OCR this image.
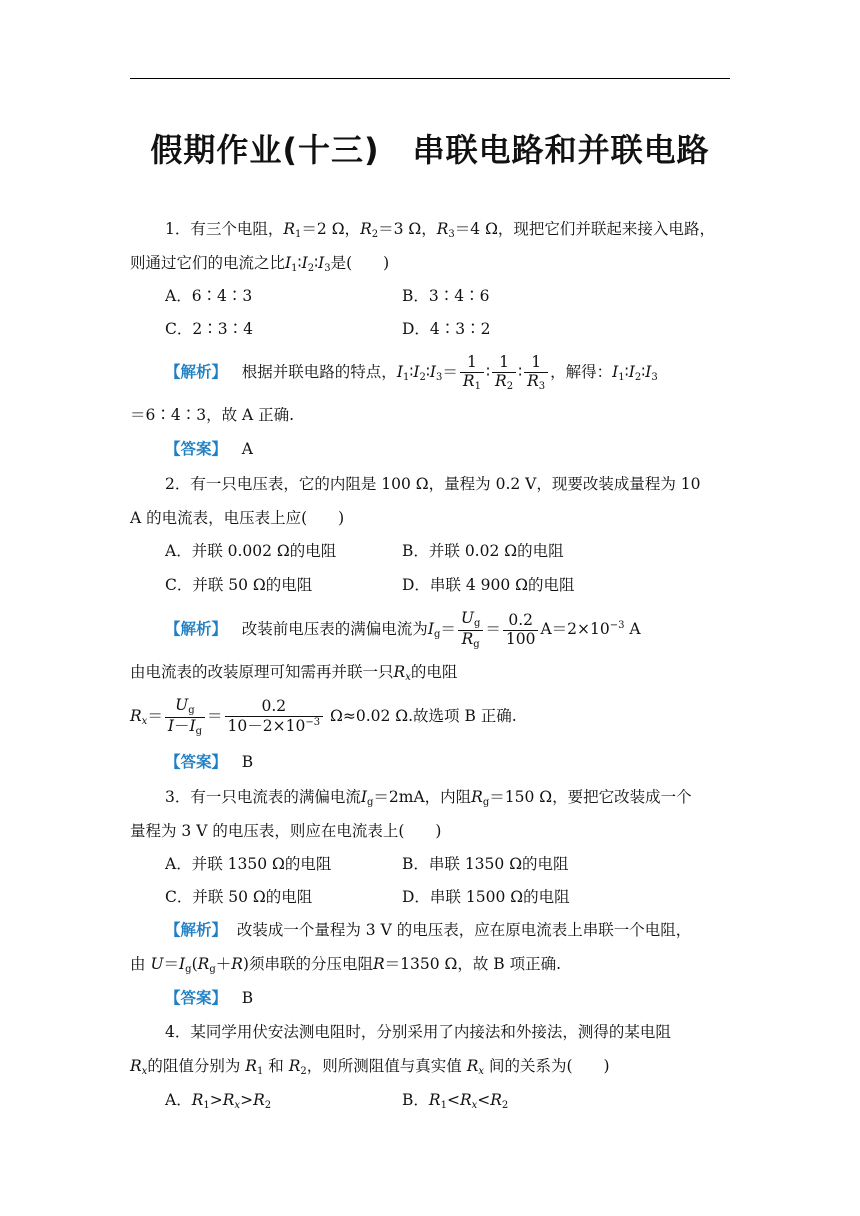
假期作业(十三)　串联电路和并联电路
1．有三个电阻，$R_1=2$ Ω，$R_2=3$ Ω，$R_3=4$ Ω，现把它们并联起来接入电路，
则通过它们的电流之比$I_1∶I_2∶I_3$是(　　)
A．6∶4∶3	B．3∶4∶6
C．2∶3∶4	D．4∶3∶2
【解析】 根据并联电路的特点，$I_1∶I_2∶I_3= \frac{1}{R_1}$ ∶ $\frac{1}{R_2}$ ∶ $\frac{1}{R_3}$ ，解得：$I_1∶I_2∶I_3$
＝6∶4∶3，故 A 正确.
【答案】 A
2．有一只电压表，它的内阻是 100 Ω，量程为 0.2 V，现要改装成量程为 10
A 的电流表，电压表上应(　　)
A．并联 0.002 Ω的电阻	B．并联 0.02 Ω的电阻
C．并联 50 Ω的电阻	D．串联 4 900 Ω的电阻
【解析】 改装前电压表的满偏电流为$I_g= \frac{U_g}{R_g} = \frac{0.2}{100} A=2\times 10^{-3}$ A
由电流表的改装原理可知需再并联一只$R_x$的电阻
$R_x= \frac{U_g}{I-I_g} = \frac{0.2}{10-2\times 10^{-3}} \Omega\approx 0.02$ Ω.故选项 B 正确.
【答案】 B
3．有一只电流表的满偏电流$I_g=2mA$，内阻$R_g=150$ Ω，要把它改装成一个
量程为 3 V 的电压表，则应在电流表上(　　)
A．并联 1350 Ω的电阻	B．串联 1350 Ω的电阻
C．并联 50 Ω的电阻	D．串联 1500 Ω的电阻
【解析】 改装成一个量程为 3 V 的电压表，应在原电流表上串联一个电阻，
由 $U=I_g(R_g+R)$须串联的分压电阻R＝1350 Ω，故 B 项正确.
【答案】 B
4．某同学用伏安法测电阻时，分别采用了内接法和外接法，测得的某电阻
$R_x$的阻值分别为 $R_1$ 和 $R_2$，则所测阻值与真实值 $R_x$ 间的关系为(　　)
A．$R_1>R_x>R_2$	B．$R_1<R_x<R_2$
